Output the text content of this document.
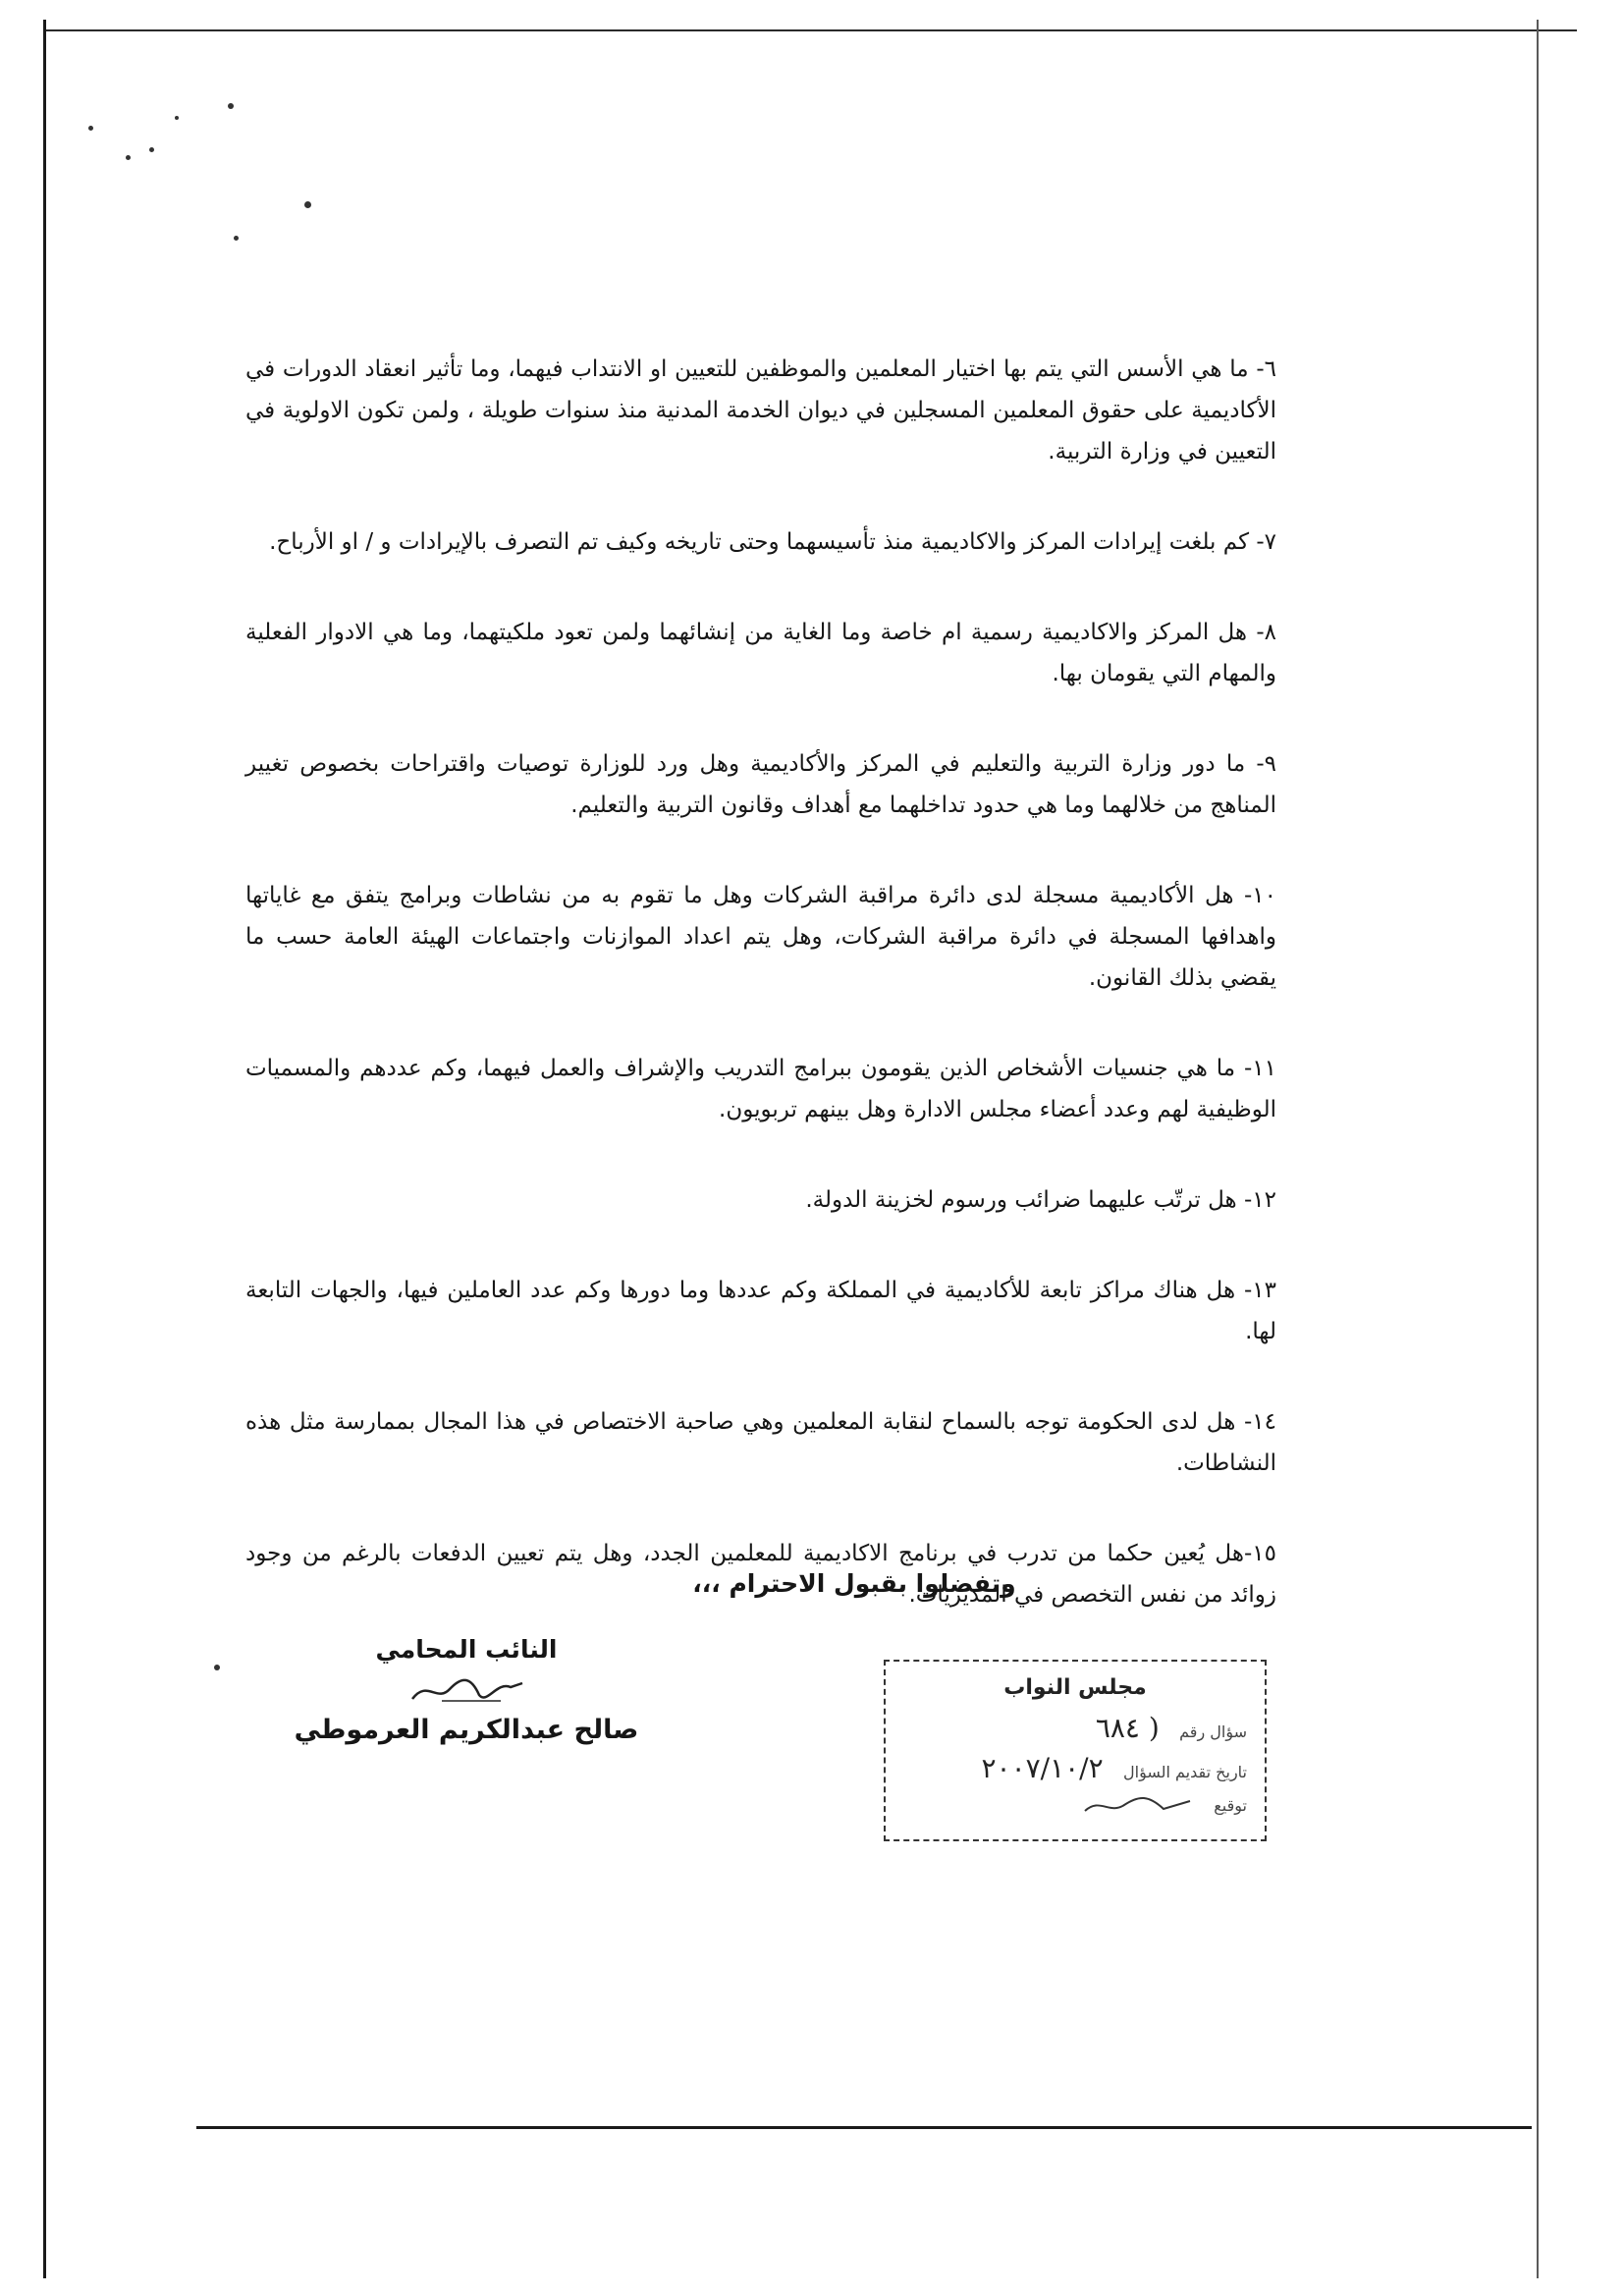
٦- ما هي الأسس التي يتم بها اختيار المعلمين والموظفين للتعيين او الانتداب فيهما، وما تأثير انعقاد الدورات في الأكاديمية على حقوق المعلمين المسجلين في ديوان الخدمة المدنية منذ سنوات طويلة ، ولمن تكون الاولوية في التعيين في وزارة التربية.

٧- كم بلغت إيرادات المركز والاكاديمية منذ تأسيسهما وحتى تاريخه وكيف تم التصرف بالإيرادات و / او الأرباح.

٨- هل المركز والاكاديمية رسمية ام خاصة وما الغاية من إنشائهما ولمن تعود ملكيتهما، وما هي الادوار الفعلية والمهام التي يقومان بها.

٩- ما دور وزارة التربية والتعليم في المركز والأكاديمية وهل ورد للوزارة توصيات واقتراحات بخصوص تغيير المناهج من خلالهما وما هي حدود تداخلهما مع أهداف وقانون التربية والتعليم.

١٠- هل الأكاديمية مسجلة لدى دائرة مراقبة الشركات وهل ما تقوم به من نشاطات وبرامج يتفق مع غاياتها واهدافها المسجلة في دائرة مراقبة الشركات، وهل يتم اعداد الموازنات واجتماعات الهيئة العامة حسب ما يقضي بذلك القانون.

١١- ما هي جنسيات الأشخاص الذين يقومون ببرامج التدريب والإشراف والعمل فيهما، وكم عددهم والمسميات الوظيفية لهم وعدد أعضاء مجلس الادارة وهل بينهم تربويون.

١٢- هل ترتّب عليهما ضرائب ورسوم لخزينة الدولة.

١٣- هل هناك مراكز تابعة للأكاديمية في المملكة وكم عددها وما دورها وكم عدد العاملين فيها، والجهات التابعة لها.

١٤- هل لدى الحكومة توجه بالسماح لنقابة المعلمين وهي صاحبة الاختصاص في هذا المجال بممارسة مثل هذه النشاطات.

١٥-هل يُعين حكما من تدرب في برنامج الاكاديمية للمعلمين الجدد، وهل يتم تعيين الدفعات بالرغم من وجود زوائد من نفس التخصص في المديريات.

وتفضلوا بقبول الاحترام ،،،
النائب المحامي
صالح عبدالكريم العرموطي
مجلس النواب
سؤال رقم ( ٦٨٤
تاريخ تقديم السؤال ٢٠٠٧/١٠/٢
توقيع
